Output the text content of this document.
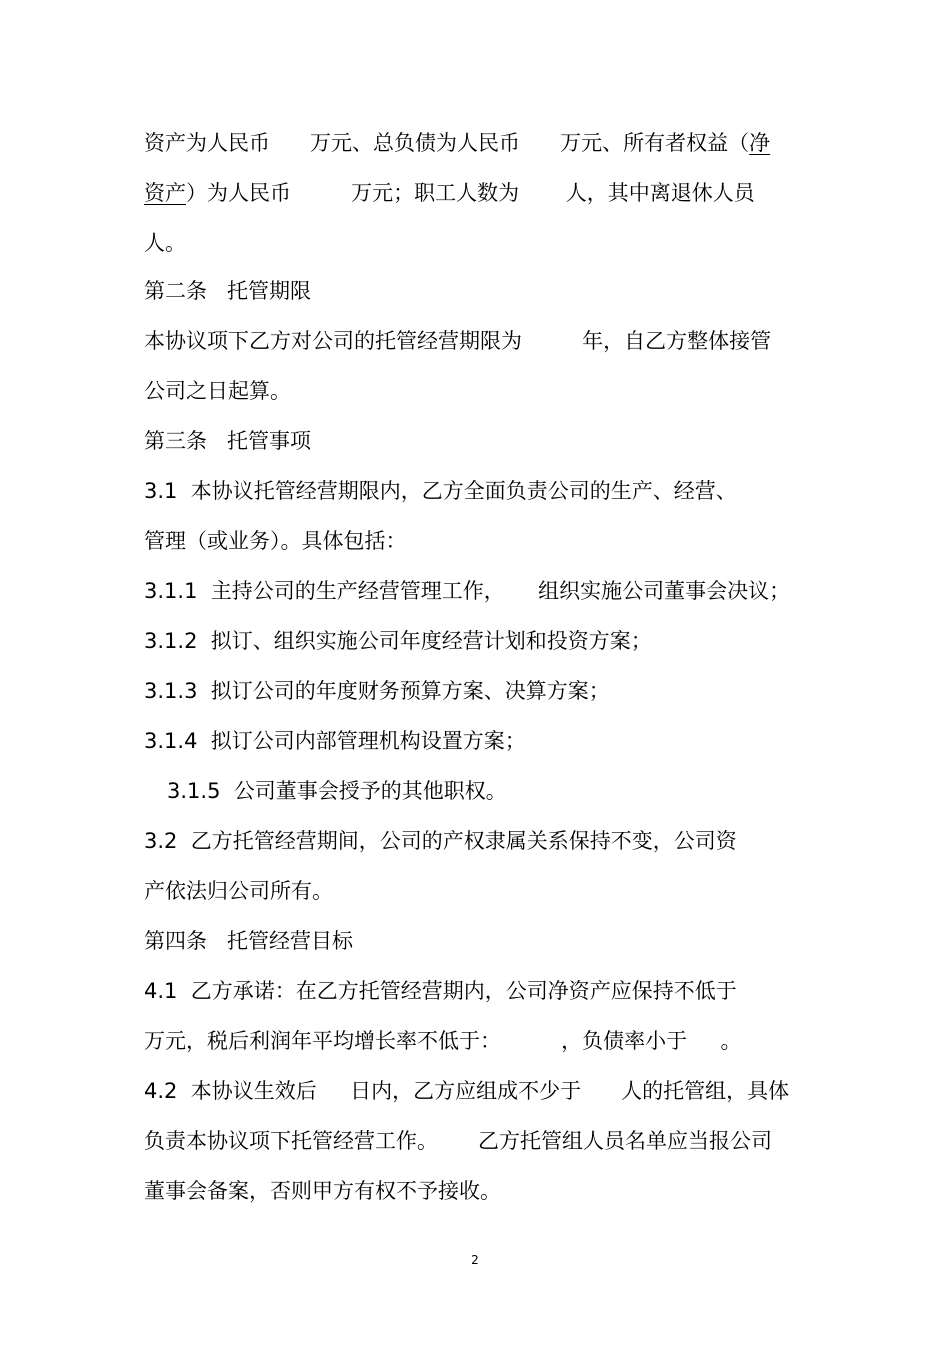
资产为人民币      万元、总负债为人民币      万元、所有者权益（净
资产）为人民币         万元；职工人数为       人，其中离退休人员
人。
第二条   托管期限
本协议项下乙方对公司的托管经营期限为         年，自乙方整体接管
公司之日起算。
第三条   托管事项
3.1  本协议托管经营期限内，乙方全面负责公司的生产、经营、
管理（或业务）。具体包括：
3.1.1  主持公司的生产经营管理工作，     组织实施公司董事会决议；
3.1.2  拟订、组织实施公司年度经营计划和投资方案；
3.1.3  拟订公司的年度财务预算方案、决算方案；
3.1.4  拟订公司内部管理机构设置方案；
3.1.5  公司董事会授予的其他职权。
3.2  乙方托管经营期间，公司的产权隶属关系保持不变，公司资
产依法归公司所有。
第四条   托管经营目标
4.1  乙方承诺：在乙方托管经营期内，公司净资产应保持不低于
万元，税后利润年平均增长率不低于：         ，负债率小于     。
4.2  本协议生效后     日内，乙方应组成不少于      人的托管组，具体
负责本协议项下托管经营工作。      乙方托管组人员名单应当报公司
董事会备案，否则甲方有权不予接收。
2
